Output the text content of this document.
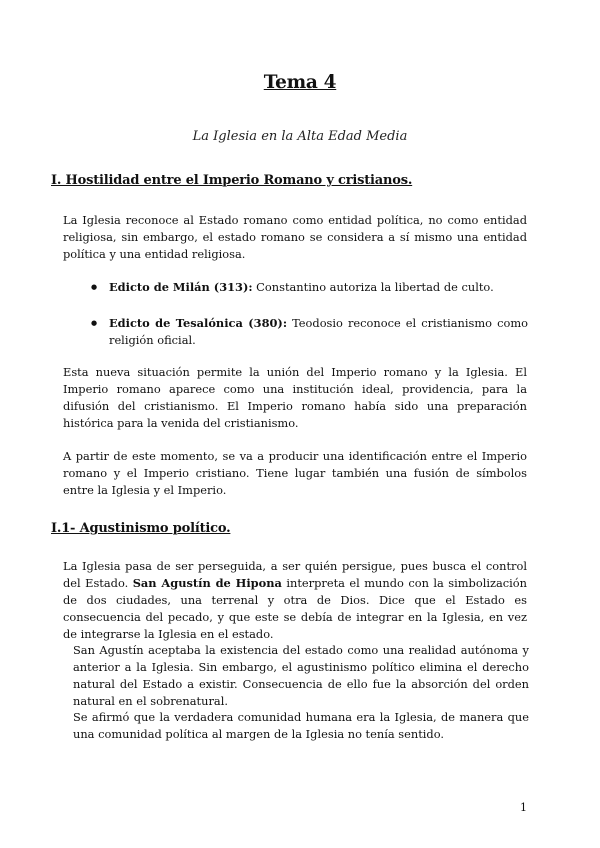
Tema 4
La Iglesia en la Alta Edad Media
I. Hostilidad entre el Imperio Romano y cristianos.

La Iglesia reconoce al Estado romano como entidad política, no como entidad religiosa, sin embargo, el estado romano se considera a sí mismo una entidad política y una entidad religiosa.

● Edicto de Milán (313): Constantino autoriza la libertad de culto.
● Edicto de Tesalónica (380): Teodosio reconoce el cristianismo como religión oficial.

Esta nueva situación permite la unión del Imperio romano y la Iglesia. El Imperio romano aparece como una institución ideal, providencia, para la difusión del cristianismo. El Imperio romano había sido una preparación histórica para la venida del cristianismo.

A partir de este momento, se va a producir una identificación entre el Imperio romano y el Imperio cristiano. Tiene lugar también una fusión de símbolos entre la Iglesia y el Imperio.

I.1- Agustinismo político.

La Iglesia pasa de ser perseguida, a ser quién persigue, pues busca el control del Estado. San Agustín de Hipona interpreta el mundo con la simbolización de dos ciudades, una terrenal y otra de Dios. Dice que el Estado es consecuencia del pecado, y que este se debía de integrar en la Iglesia, en vez de integrarse la Iglesia en el estado.

San Agustín aceptaba la existencia del estado como una realidad autónoma y anterior a la Iglesia. Sin embargo, el agustinismo político elimina el derecho natural del Estado a existir. Consecuencia de ello fue la absorción del orden natural en el sobrenatural.

Se afirmó que la verdadera comunidad humana era la Iglesia, de manera que una comunidad política al margen de la Iglesia no tenía sentido.

1
